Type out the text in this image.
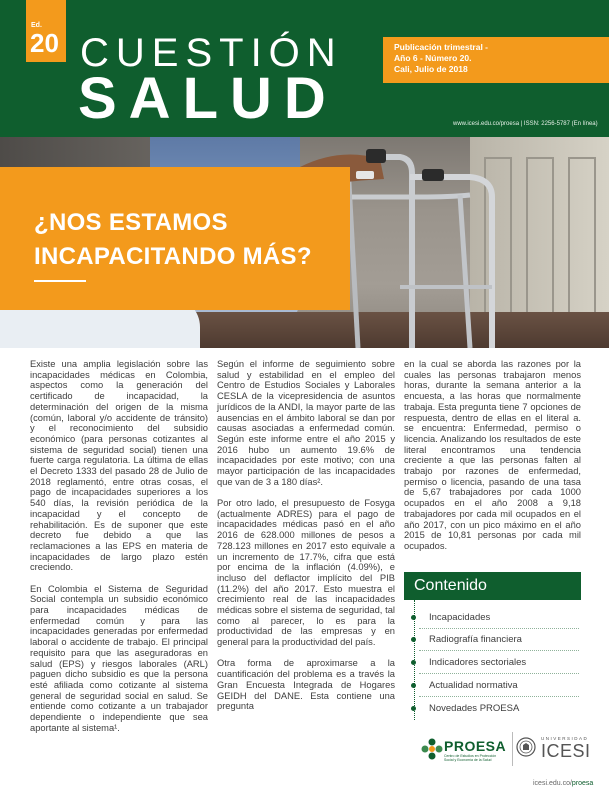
Ed.
20 CUESTIÓN
SALUD
Publicación trimestral -
Año 6 - Número 20.
Cali, Julio de 2018
www.icesi.edu.co/proesa | ISSN: 2256-5787 (En línea)
¿NOS ESTAMOS
INCAPACITANDO MÁS?

Existe una amplia legislación sobre las incapacidades médicas en Colombia, aspectos como la generación del certificado de incapacidad, la determinación del origen de la misma (común, laboral y/o accidente de tránsito) y el reconocimiento del subsidio económico (para personas cotizantes al sistema de seguridad social) tienen una fuerte carga regulatoria. La última de ellas el Decreto 1333 del pasado 28 de Julio de 2018 reglamentó, entre otras cosas, el pago de incapacidades superiores a los 540 días, la revisión periódica de la incapacidad y el concepto de rehabilitación. Es de suponer que este decreto fue debido a que las reclamaciones a las EPS en materia de incapacidades de largo plazo estén creciendo.

En Colombia el Sistema de Seguridad Social contempla un subsidio económico para incapacidades médicas de enfermedad común y para las incapacidades generadas por enfermedad laboral o accidente de trabajo. El principal requisito para que las aseguradoras en salud (EPS) y riesgos laborales (ARL) paguen dicho subsidio es que la persona esté afiliada como cotizante al sistema general de seguridad social en salud. Se entiende como cotizante a un trabajador dependiente o independiente que sea aportante al sistema¹.

Según el informe de seguimiento sobre salud y estabilidad en el empleo del Centro de Estudios Sociales y Laborales CESLA de la vicepresidencia de asuntos jurídicos de la ANDI, la mayor parte de las ausencias en el ámbito laboral se dan por causas asociadas a enfermedad común. Según este informe entre el año 2015 y 2016 hubo un aumento 19.6% de incapacidades por este motivo; con una mayor participación de las incapacidades que van de 3 a 180 días².

Por otro lado, el presupuesto de Fosyga (actualmente ADRES) para el pago de incapacidades médicas pasó en el año 2016 de 628.000 millones de pesos a 728.123 millones en 2017 esto equivale a un incremento de 17.7%, cifra que está por encima de la inflación (4.09%), e incluso del deflactor implícito del PIB (11.2%) del año 2017. Esto muestra el crecimiento real de las incapacidades médicas sobre el sistema de seguridad, tal como al parecer, lo es para la productividad de las empresas y en general para la productividad del país.

Otra forma de aproximarse a la cuantificación del problema es a través la Gran Encuesta Integrada de Hogares GEIDH del DANE. Esta contiene una pregunta

en la cual se aborda las razones por la cuales las personas trabajaron menos horas, durante la semana anterior a la encuesta, a las horas que normalmente trabaja. Esta pregunta tiene 7 opciones de respuesta, dentro de ellas en el literal a. se encuentra: Enfermedad, permiso o licencia. Analizando los resultados de este literal encontramos una tendencia creciente a que las personas falten al trabajo por razones de enfermedad, permiso o licencia, pasando de una tasa de 5,67 trabajadores por cada 1000 ocupados en el año 2008 a 9,18 trabajadores por cada mil ocupados en el año 2017, con un pico máximo en el año 2015 de 10,81 personas por cada mil ocupados.

Contenido
Incapacidades
Radiografía financiera
Indicadores sectoriales
Actualidad normativa
Novedades PROESA
PROESA
Centro de Estudios en Protección Social y Economía de la Salud
UNIVERSIDAD
ICESI
icesi.edu.co/proesa
